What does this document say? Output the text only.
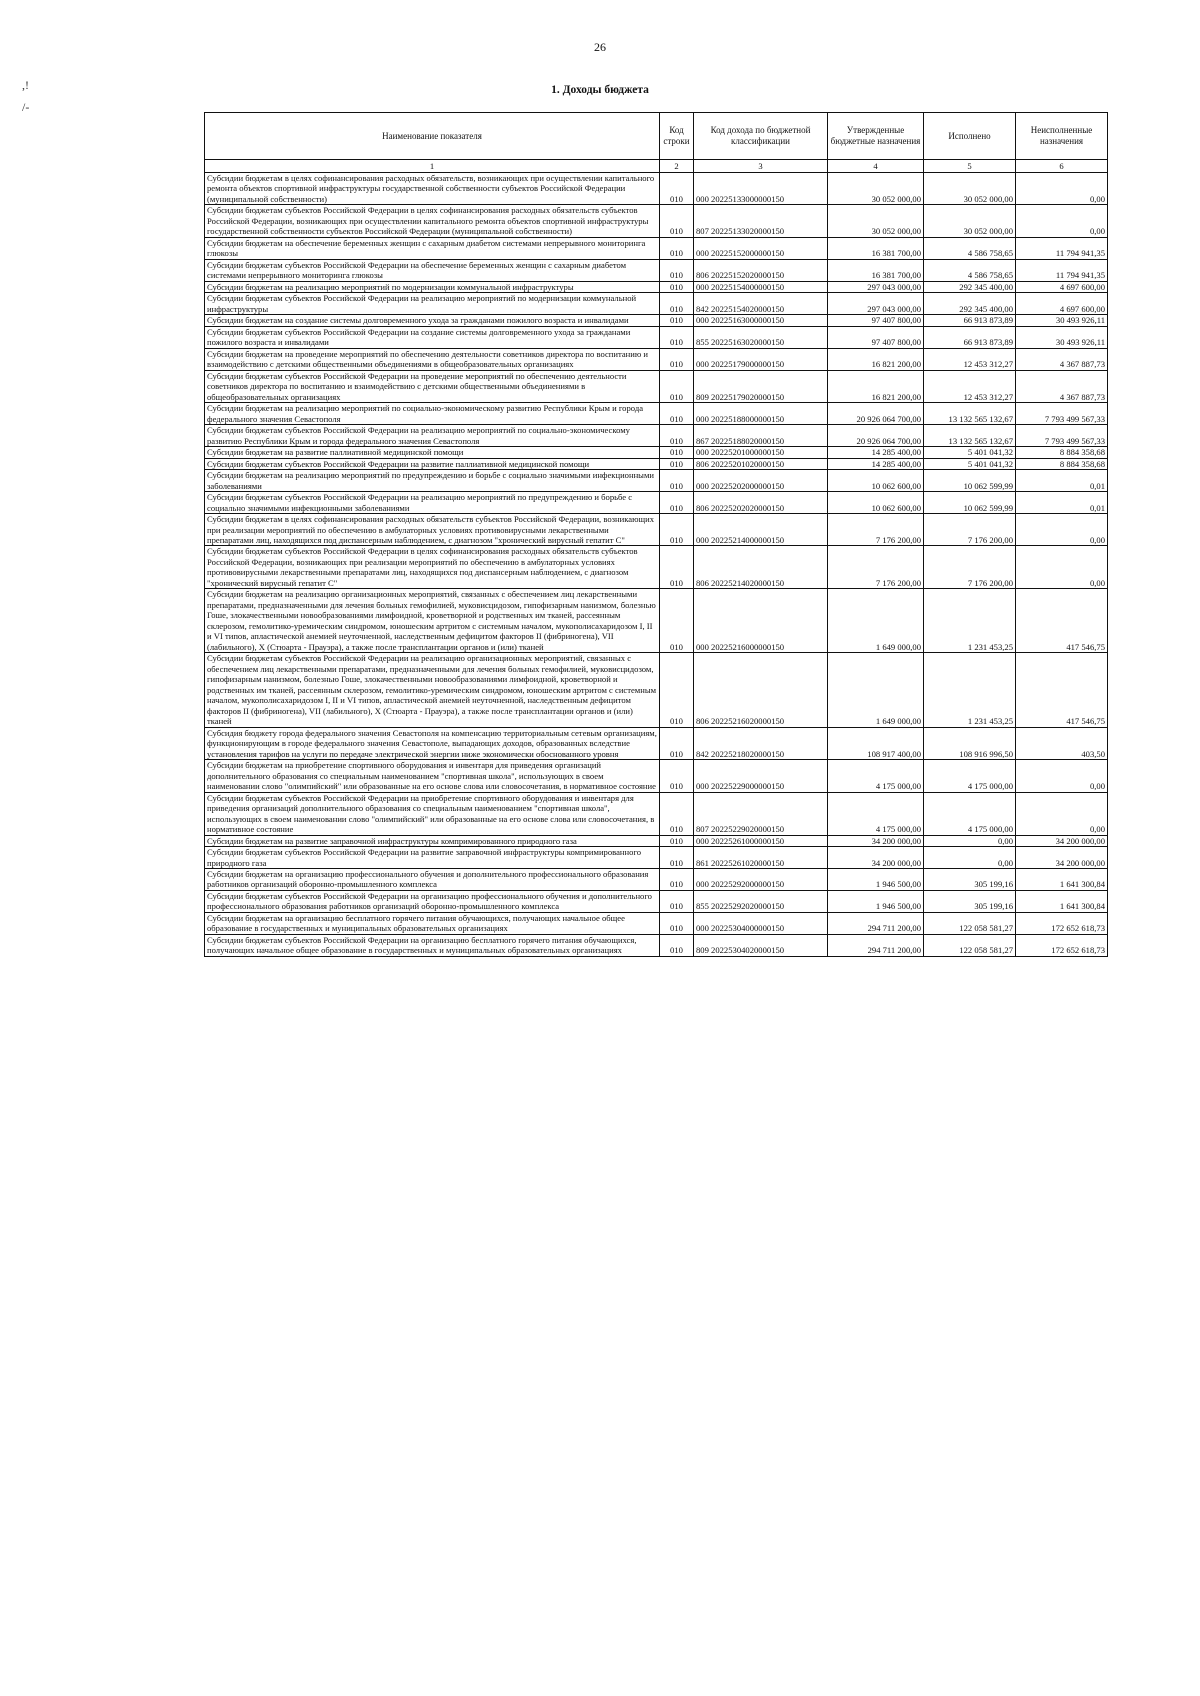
26
,!
/-
1. Доходы бюджета
Наименование показателя	Код строки	Код дохода по бюджетной классификации	Утвержденные бюджетные назначения	Исполнено	Неисполненные назначения
1	2	3	4	5	6
Субсидии бюджетам в целях софинансирования расходных обязательств, возникающих при осуществлении капитального ремонта объектов спортивной инфраструктуры государственной собственности субъектов Российской Федерации (муниципальной собственности)	010	000 20225133000000150	30 052 000,00	30 052 000,00	0,00
Субсидии бюджетам субъектов Российской Федерации в целях софинансирования расходных обязательств субъектов Российской Федерации, возникающих при осуществлении капитального ремонта объектов спортивной инфраструктуры государственной собственности субъектов Российской Федерации (муниципальной собственности)	010	807 20225133020000150	30 052 000,00	30 052 000,00	0,00
Субсидии бюджетам на обеспечение беременных женщин с сахарным диабетом системами непрерывного мониторинга глюкозы	010	000 20225152000000150	16 381 700,00	4 586 758,65	11 794 941,35
Субсидии бюджетам субъектов Российской Федерации на обеспечение беременных женщин с сахарным диабетом системами непрерывного мониторинга глюкозы	010	806 20225152020000150	16 381 700,00	4 586 758,65	11 794 941,35
Субсидии бюджетам на реализацию мероприятий по модернизации коммунальной инфраструктуры	010	000 20225154000000150	297 043 000,00	292 345 400,00	4 697 600,00
Субсидии бюджетам субъектов Российской Федерации на реализацию мероприятий по модернизации коммунальной инфраструктуры	010	842 20225154020000150	297 043 000,00	292 345 400,00	4 697 600,00
Субсидии бюджетам на создание системы долговременного ухода за гражданами пожилого возраста и инвалидами	010	000 20225163000000150	97 407 800,00	66 913 873,89	30 493 926,11
Субсидии бюджетам субъектов Российской Федерации на создание системы долговременного ухода за гражданами пожилого возраста и инвалидами	010	855 20225163020000150	97 407 800,00	66 913 873,89	30 493 926,11
Субсидии бюджетам на проведение мероприятий по обеспечению деятельности советников директора по воспитанию и взаимодействию с детскими общественными объединениями в общеобразовательных организациях	010	000 20225179000000150	16 821 200,00	12 453 312,27	4 367 887,73
Субсидии бюджетам субъектов Российской Федерации на проведение мероприятий по обеспечению деятельности советников директора по воспитанию и взаимодействию с детскими общественными объединениями в общеобразовательных организациях	010	809 20225179020000150	16 821 200,00	12 453 312,27	4 367 887,73
Субсидии бюджетам на реализацию мероприятий по социально-экономическому развитию Республики Крым и города федерального значения Севастополя	010	000 20225188000000150	20 926 064 700,00	13 132 565 132,67	7 793 499 567,33
Субсидии бюджетам субъектов Российской Федерации на реализацию мероприятий по социально-экономическому развитию Республики Крым и города федерального значения Севастополя	010	867 20225188020000150	20 926 064 700,00	13 132 565 132,67	7 793 499 567,33
Субсидии бюджетам на развитие паллиативной медицинской помощи	010	000 20225201000000150	14 285 400,00	5 401 041,32	8 884 358,68
Субсидии бюджетам субъектов Российской Федерации на развитие паллиативной медицинской помощи	010	806 20225201020000150	14 285 400,00	5 401 041,32	8 884 358,68
Субсидии бюджетам на реализацию мероприятий по предупреждению и борьбе с социально значимыми инфекционными заболеваниями	010	000 20225202000000150	10 062 600,00	10 062 599,99	0,01
Субсидии бюджетам субъектов Российской Федерации на реализацию мероприятий по предупреждению и борьбе с социально значимыми инфекционными заболеваниями	010	806 20225202020000150	10 062 600,00	10 062 599,99	0,01
Субсидии бюджетам в целях софинансирования расходных обязательств субъектов Российской Федерации, возникающих при реализации мероприятий по обеспечению в амбулаторных условиях противовирусными лекарственными препаратами лиц, находящихся под диспансерным наблюдением, с диагнозом "хронический вирусный гепатит С"	010	000 20225214000000150	7 176 200,00	7 176 200,00	0,00
Субсидии бюджетам субъектов Российской Федерации в целях софинансирования расходных обязательств субъектов Российской Федерации, возникающих при реализации мероприятий по обеспечению в амбулаторных условиях противовирусными лекарственными препаратами лиц, находящихся под диспансерным наблюдением, с диагнозом "хронический вирусный гепатит С"	010	806 20225214020000150	7 176 200,00	7 176 200,00	0,00
Субсидии бюджетам на реализацию организационных мероприятий, связанных с обеспечением лиц лекарственными препаратами, предназначенными для лечения больных гемофилией, муковисцидозом, гипофизарным нанизмом, болезнью Гоше, злокачественными новообразованиями лимфоидной, кроветворной и родственных им тканей, рассеянным склерозом, гемолитико-уремическим синдромом, юношеским артритом с системным началом, мукополисахаридозом I, II и VI типов, апластической анемией неуточненной, наследственным дефицитом факторов II (фибриногена), VII (лабильного), X (Стюарта - Прауэра), а также после трансплантации органов и (или) тканей	010	000 20225216000000150	1 649 000,00	1 231 453,25	417 546,75
Субсидии бюджетам субъектов Российской Федерации на реализацию организационных мероприятий, связанных с обеспечением лиц лекарственными препаратами, предназначенными для лечения больных гемофилией, муковисцидозом, гипофизарным нанизмом, болезнью Гоше, злокачественными новообразованиями лимфоидной, кроветворной и родственных им тканей, рассеянным склерозом, гемолитико-уремическим синдромом, юношеским артритом с системным началом, мукополисахаридозом I, II и VI типов, апластической анемией неуточненной, наследственным дефицитом факторов II (фибриногена), VII (лабильного), X (Стюарта - Прауэра), а также после трансплантации органов и (или) тканей	010	806 20225216020000150	1 649 000,00	1 231 453,25	417 546,75
Субсидия бюджету города федерального значения Севастополя на компенсацию территориальным сетевым организациям, функционирующим в городе федерального значения Севастополе, выпадающих доходов, образованных вследствие установления тарифов на услуги по передаче электрической энергии ниже экономически обоснованного уровня	010	842 20225218020000150	108 917 400,00	108 916 996,50	403,50
Субсидии бюджетам на приобретение спортивного оборудования и инвентаря для приведения организаций дополнительного образования со специальным наименованием "спортивная школа", использующих в своем наименовании слово "олимпийский" или образованные на его основе слова или словосочетания, в нормативное состояние	010	000 20225229000000150	4 175 000,00	4 175 000,00	0,00
Субсидии бюджетам субъектов Российской Федерации на приобретение спортивного оборудования и инвентаря для приведения организаций дополнительного образования со специальным наименованием "спортивная школа", использующих в своем наименовании слово "олимпийский" или образованные на его основе слова или словосочетания, в нормативное состояние	010	807 20225229020000150	4 175 000,00	4 175 000,00	0,00
Субсидии бюджетам на развитие заправочной инфраструктуры компримированного природного газа	010	000 20225261000000150	34 200 000,00	0,00	34 200 000,00
Субсидии бюджетам субъектов Российской Федерации на развитие заправочной инфраструктуры компримированного природного газа	010	861 20225261020000150	34 200 000,00	0,00	34 200 000,00
Субсидии бюджетам на организацию профессионального обучения и дополнительного профессионального образования работников организаций оборонно-промышленного комплекса	010	000 20225292000000150	1 946 500,00	305 199,16	1 641 300,84
Субсидии бюджетам субъектов Российской Федерации на организацию профессионального обучения и дополнительного профессионального образования работников организаций оборонно-промышленного комплекса	010	855 20225292020000150	1 946 500,00	305 199,16	1 641 300,84
Субсидии бюджетам на организацию бесплатного горячего питания обучающихся, получающих начальное общее образование в государственных и муниципальных образовательных организациях	010	000 20225304000000150	294 711 200,00	122 058 581,27	172 652 618,73
Субсидии бюджетам субъектов Российской Федерации на организацию бесплатного горячего питания обучающихся, получающих начальное общее образование в государственных и муниципальных образовательных организациях	010	809 20225304020000150	294 711 200,00	122 058 581,27	172 652 618,73
